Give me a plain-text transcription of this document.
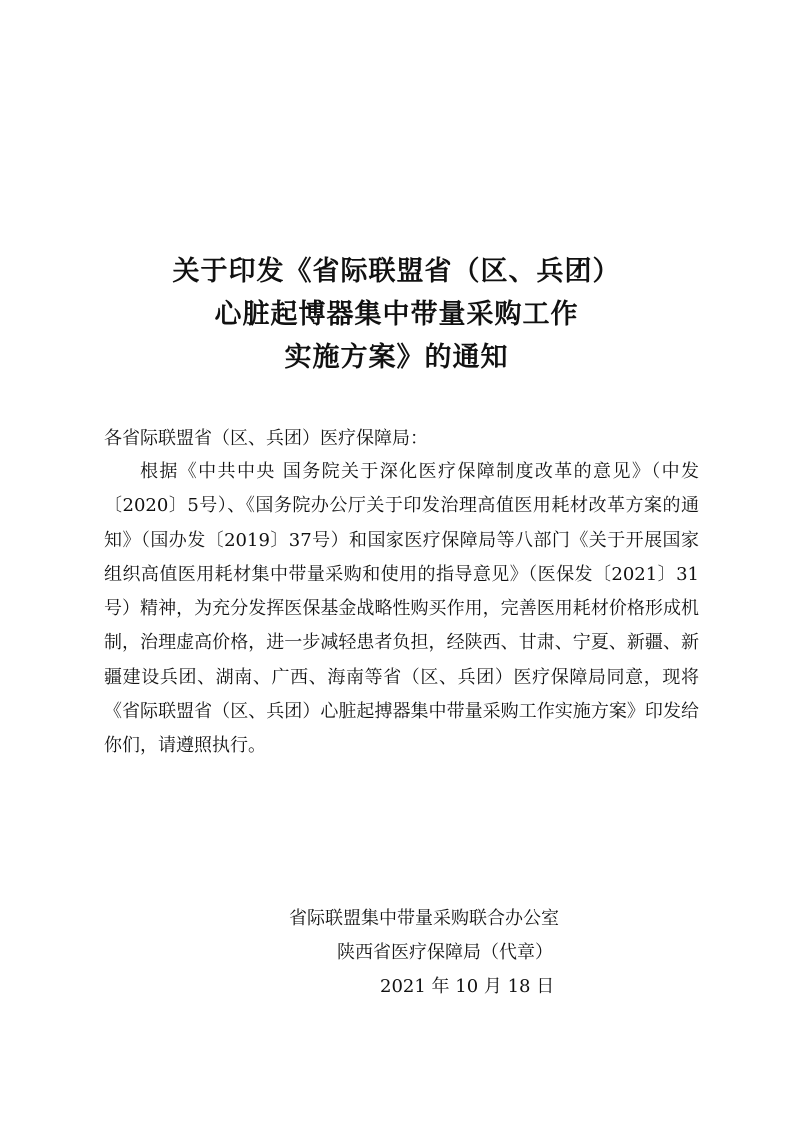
关于印发《省际联盟省（区、兵团）
心脏起博器集中带量采购工作
实施方案》的通知
各省际联盟省（区、兵团）医疗保障局：

根据《中共中央 国务院关于深化医疗保障制度改革的意见》（中发〔2020〕5号）、《国务院办公厅关于印发治理高值医用耗材改革方案的通知》（国办发〔2019〕37号）和国家医疗保障局等八部门《关于开展国家组织高值医用耗材集中带量采购和使用的指导意见》（医保发〔2021〕31号）精神，为充分发挥医保基金战略性购买作用，完善医用耗材价格形成机制，治理虚高价格，进一步减轻患者负担，经陕西、甘肃、宁夏、新疆、新疆建设兵团、湖南、广西、海南等省（区、兵团）医疗保障局同意，现将《省际联盟省（区、兵团）心脏起搏器集中带量采购工作实施方案》印发给你们，请遵照执行。

省际联盟集中带量采购联合办公室
陕西省医疗保障局（代章）
2021 年 10 月 18 日
